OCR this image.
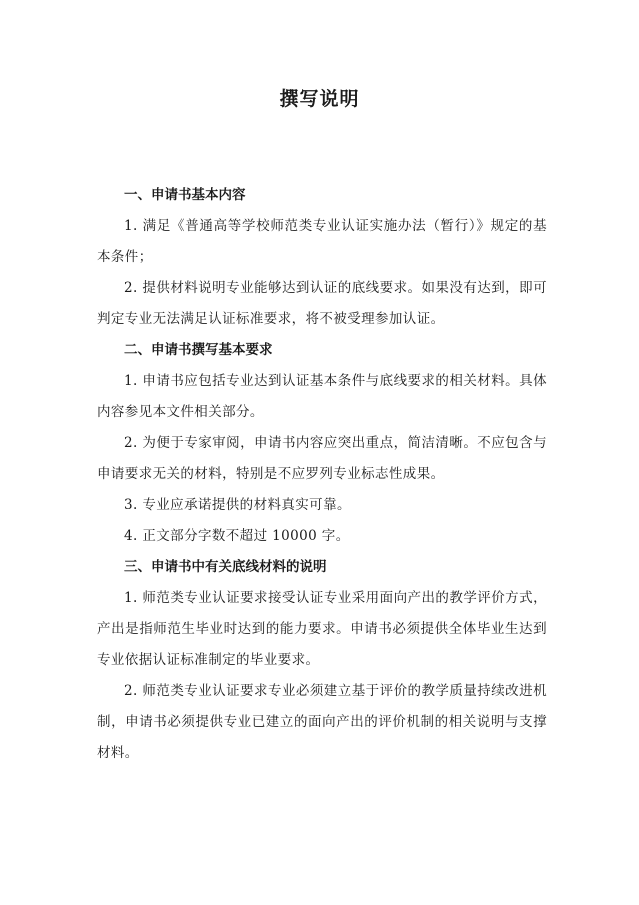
撰写说明

一、申请书基本内容

1. 满足《普通高等学校师范类专业认证实施办法（暂行）》规定的基本条件；

2. 提供材料说明专业能够达到认证的底线要求。如果没有达到，即可判定专业无法满足认证标准要求，将不被受理参加认证。

二、申请书撰写基本要求

1. 申请书应包括专业达到认证基本条件与底线要求的相关材料。具体内容参见本文件相关部分。

2. 为便于专家审阅，申请书内容应突出重点，简洁清晰。不应包含与申请要求无关的材料，特别是不应罗列专业标志性成果。

3. 专业应承诺提供的材料真实可靠。

4. 正文部分字数不超过 10000 字。

三、申请书中有关底线材料的说明

1. 师范类专业认证要求接受认证专业采用面向产出的教学评价方式，产出是指师范生毕业时达到的能力要求。申请书必须提供全体毕业生达到专业依据认证标准制定的毕业要求。

2. 师范类专业认证要求专业必须建立基于评价的教学质量持续改进机制，申请书必须提供专业已建立的面向产出的评价机制的相关说明与支撑材料。
